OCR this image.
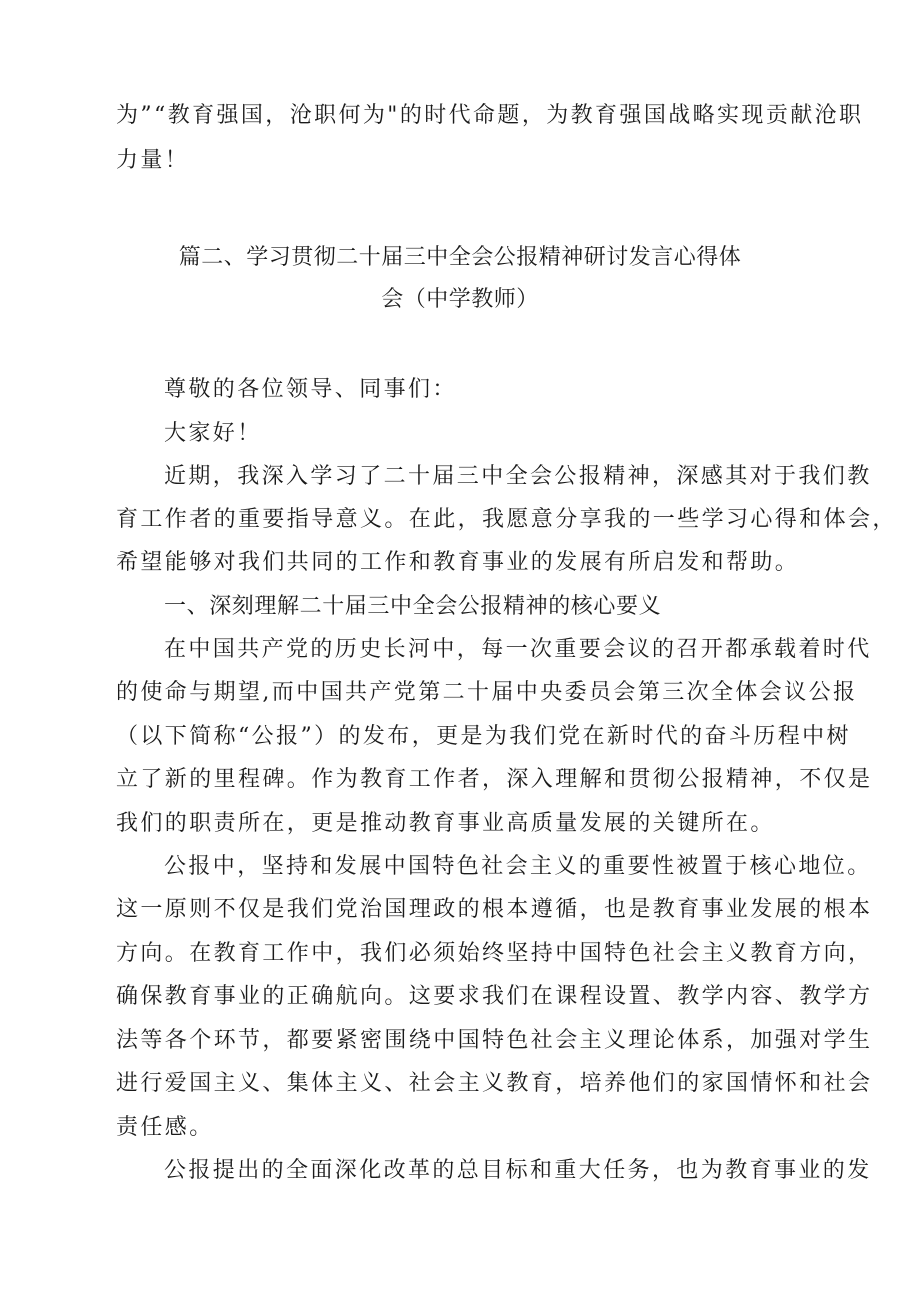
为”“教育强国，沧职何为"的时代命题，为教育强国战略实现贡献沧职
力量！
篇二、学习贯彻二十届三中全会公报精神研讨发言心得体
会（中学教师）
尊敬的各位领导、同事们：
大家好！
近期，我深入学习了二十届三中全会公报精神，深感其对于我们教
育工作者的重要指导意义。在此，我愿意分享我的一些学习心得和体会，
希望能够对我们共同的工作和教育事业的发展有所启发和帮助。
一、深刻理解二十届三中全会公报精神的核心要义
在中国共产党的历史长河中，每一次重要会议的召开都承载着时代
的使命与期望,而中国共产党第二十届中央委员会第三次全体会议公报
（以下简称“公报”）的发布，更是为我们党在新时代的奋斗历程中树
立了新的里程碑。作为教育工作者，深入理解和贯彻公报精神，不仅是
我们的职责所在，更是推动教育事业高质量发展的关键所在。
公报中，坚持和发展中国特色社会主义的重要性被置于核心地位。
这一原则不仅是我们党治国理政的根本遵循，也是教育事业发展的根本
方向。在教育工作中，我们必须始终坚持中国特色社会主义教育方向，
确保教育事业的正确航向。这要求我们在课程设置、教学内容、教学方
法等各个环节，都要紧密围绕中国特色社会主义理论体系，加强对学生
进行爱国主义、集体主义、社会主义教育，培养他们的家国情怀和社会
责任感。
公报提出的全面深化改革的总目标和重大任务，也为教育事业的发
